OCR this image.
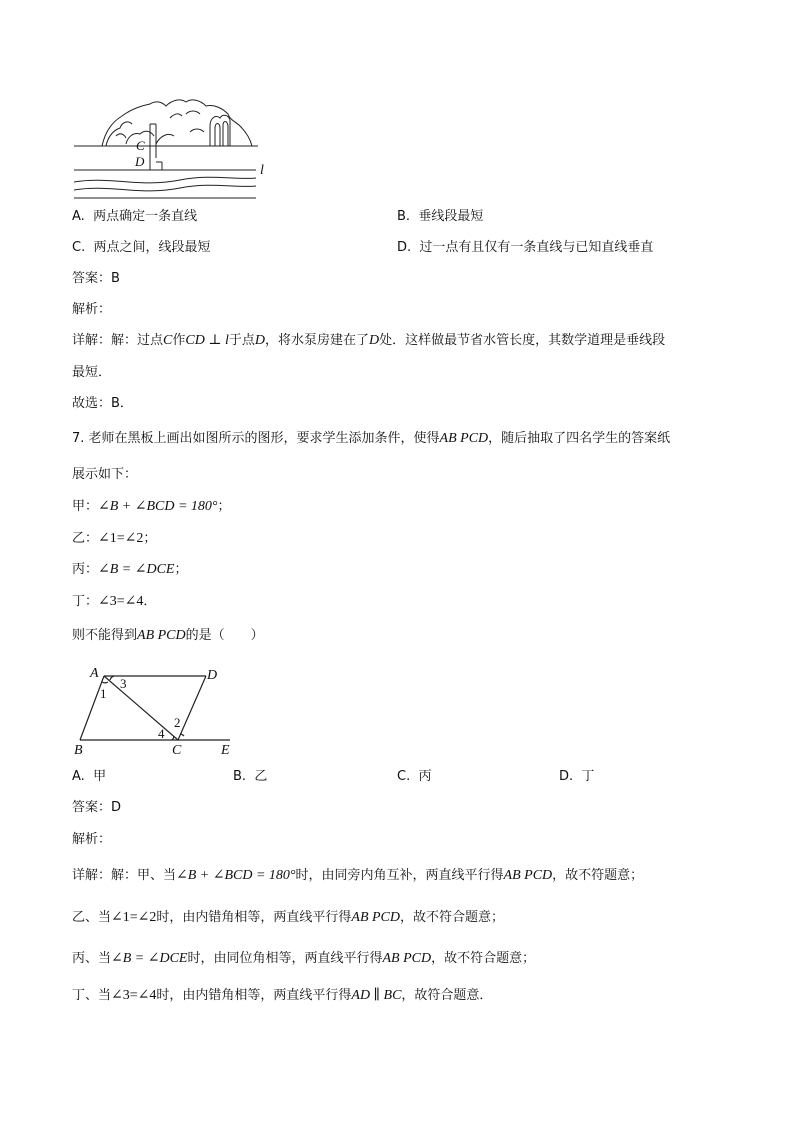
C
D
l
A. 两点确定一条直线	B. 垂线段最短
C. 两点之间，线段最短	D. 过一点有且仅有一条直线与已知直线垂直
答案：B
解析：
详解：解：过点C作CD ⊥ l于点D，将水泵房建在了D处．这样做最节省水管长度，其数学道理是垂线段
最短．
故选：B．
7. 老师在黑板上画出如图所示的图形，要求学生添加条件，使得AB PCD，随后抽取了四名学生的答案纸
展示如下：
甲：∠B + ∠BCD = 180°；
乙：∠1=∠2；
丙：∠B = ∠DCE；
丁：∠3=∠4．
则不能得到AB PCD的是（　　）
A	D
B	C	E
1
3
2
4
A. 甲	B. 乙	C. 丙	D. 丁
答案：D
解析：
详解：解：甲、当∠B + ∠BCD = 180°时，由同旁内角互补，两直线平行得AB PCD，故不符题意；
乙、当∠1=∠2时，由内错角相等，两直线平行得AB PCD，故不符合题意；
丙、当∠B = ∠DCE时，由同位角相等，两直线平行得AB PCD，故不符合题意；
丁、当∠3=∠4时，由内错角相等，两直线平行得AD ∥ BC，故符合题意．
